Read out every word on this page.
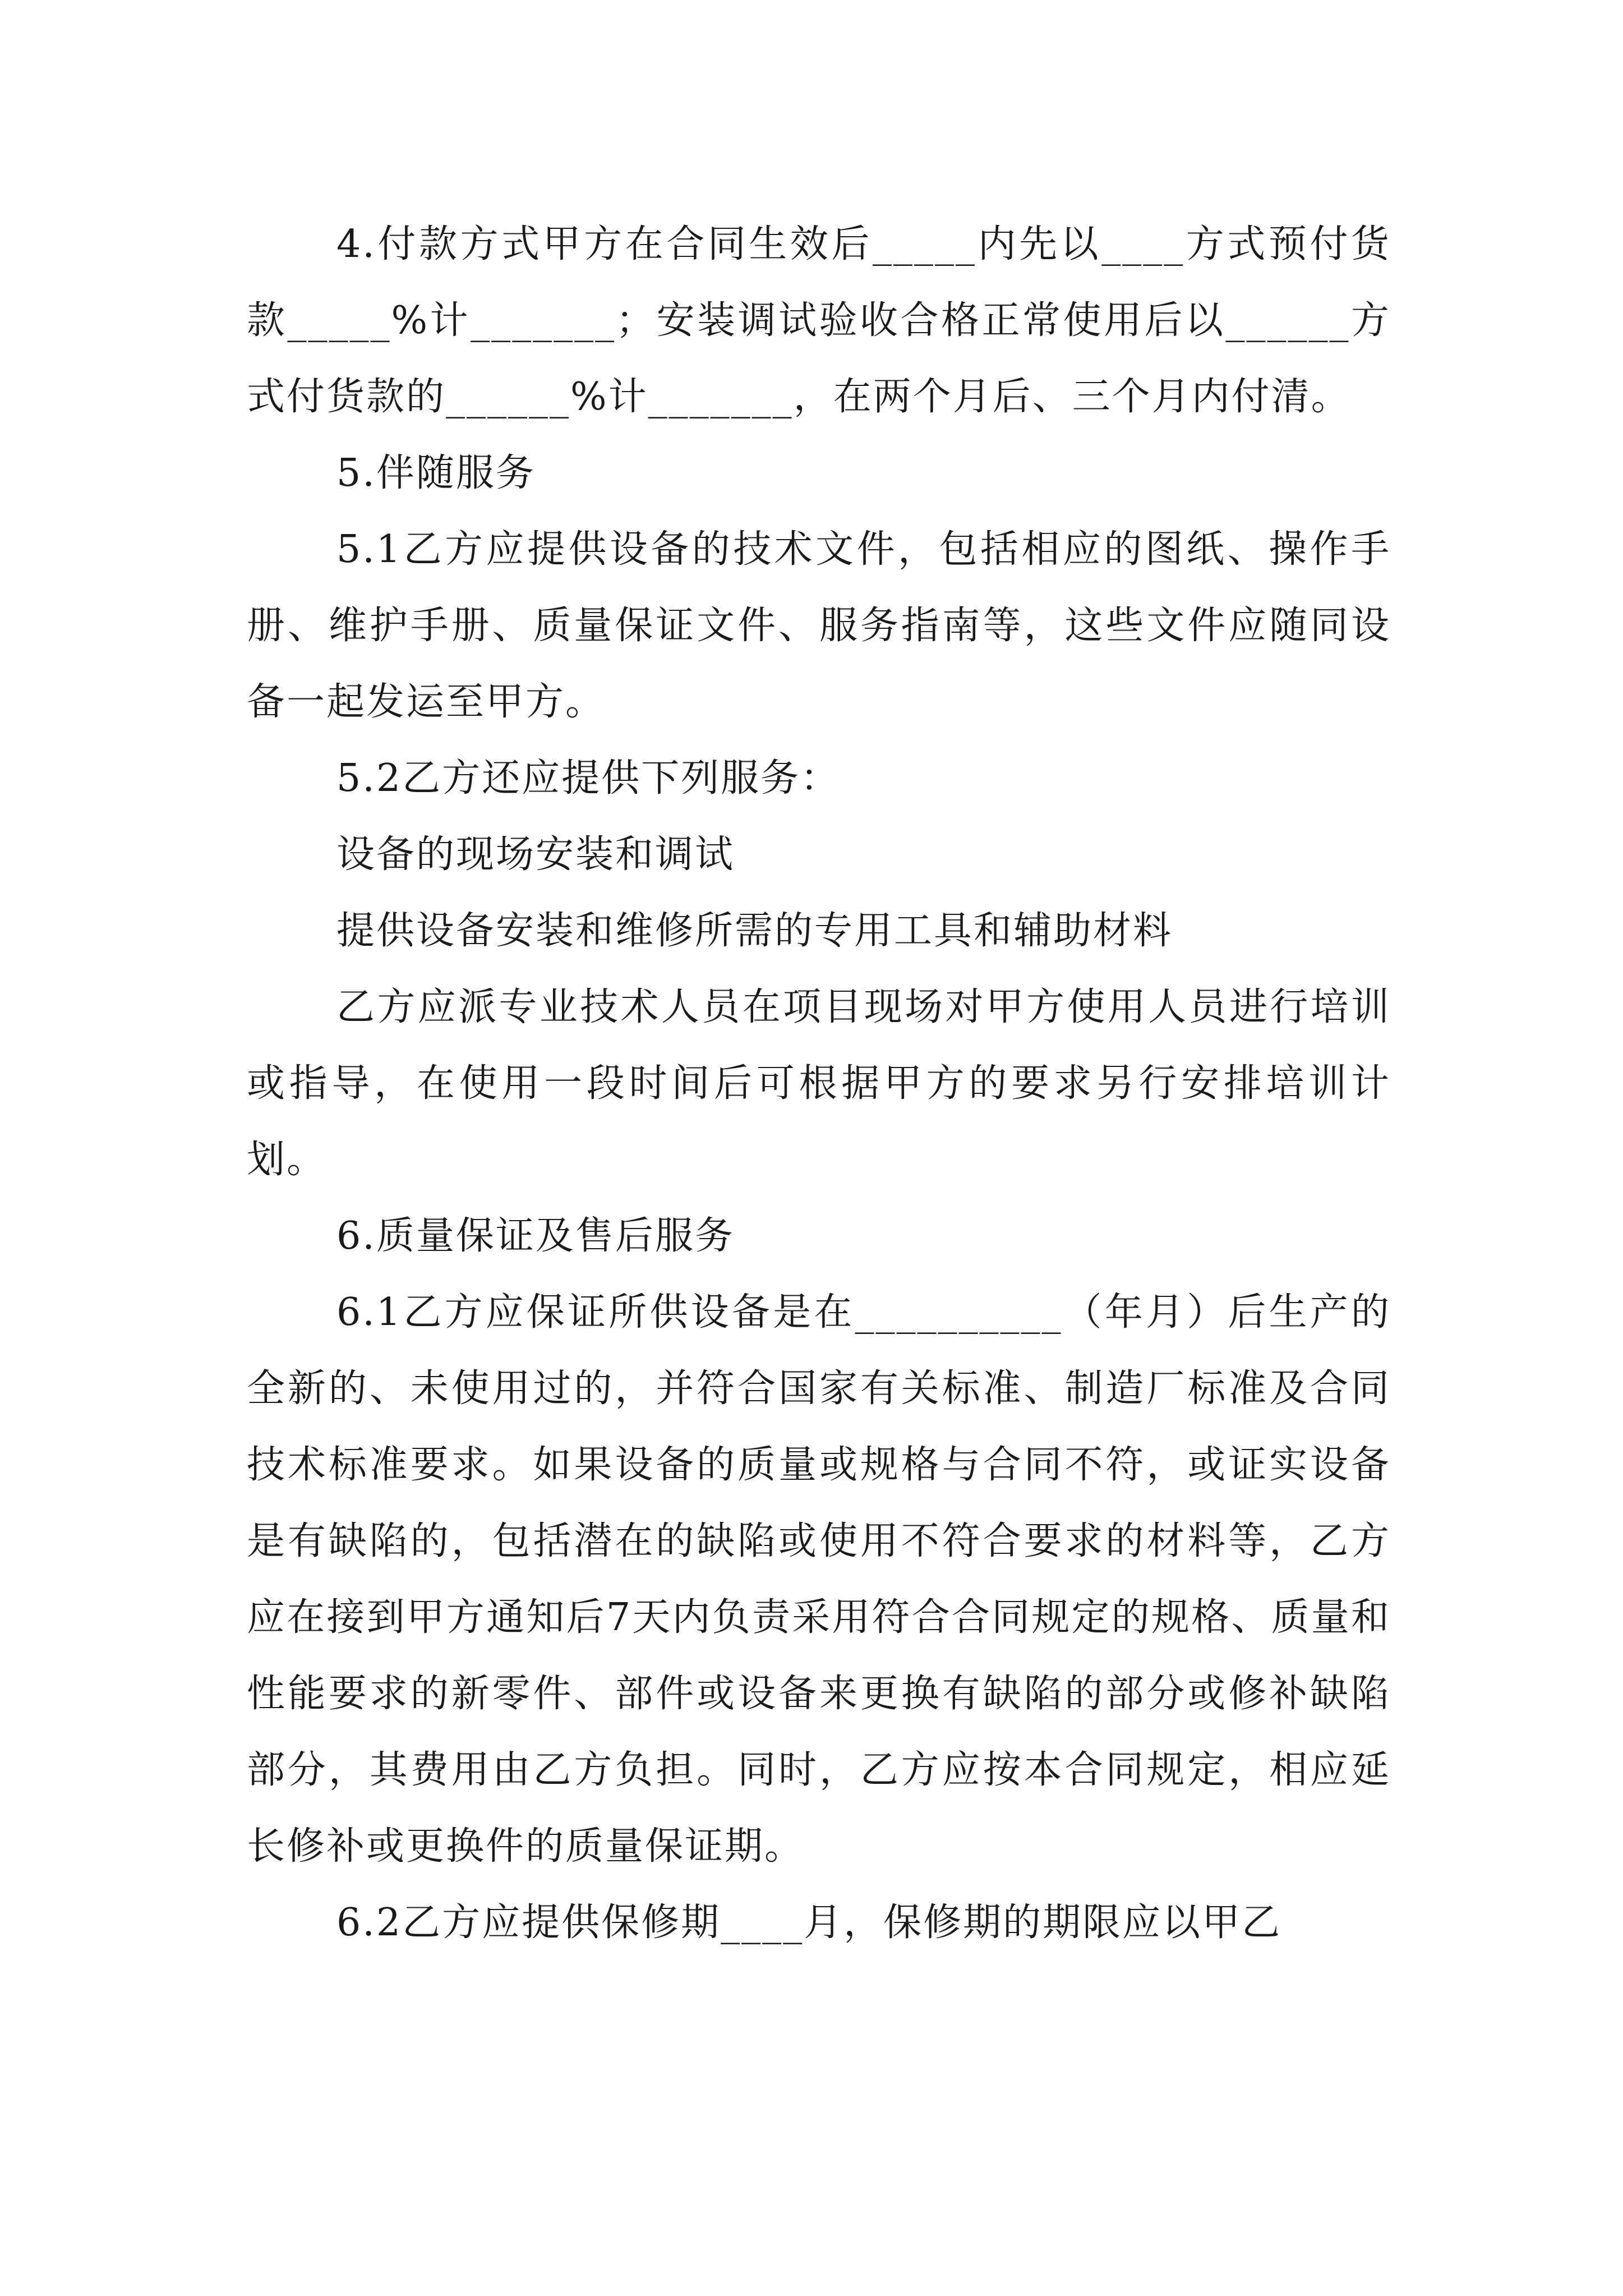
4.付款方式甲方在合同生效后_____内先以____方式预付货款_____%计_______；安装调试验收合格正常使用后以______方式付货款的______%计_______，在两个月后、三个月内付清。

5.伴随服务

5.1乙方应提供设备的技术文件，包括相应的图纸、操作手册、维护手册、质量保证文件、服务指南等，这些文件应随同设备一起发运至甲方。

5.2乙方还应提供下列服务：

设备的现场安装和调试

提供设备安装和维修所需的专用工具和辅助材料

乙方应派专业技术人员在项目现场对甲方使用人员进行培训或指导，在使用一段时间后可根据甲方的要求另行安排培训计划。

6.质量保证及售后服务

6.1乙方应保证所供设备是在__________（年月）后生产的全新的、未使用过的，并符合国家有关标准、制造厂标准及合同技术标准要求。如果设备的质量或规格与合同不符，或证实设备是有缺陷的，包括潜在的缺陷或使用不符合要求的材料等，乙方应在接到甲方通知后7天内负责采用符合合同规定的规格、质量和性能要求的新零件、部件或设备来更换有缺陷的部分或修补缺陷部分，其费用由乙方负担。同时，乙方应按本合同规定，相应延长修补或更换件的质量保证期。

6.2乙方应提供保修期____月，保修期的期限应以甲乙
